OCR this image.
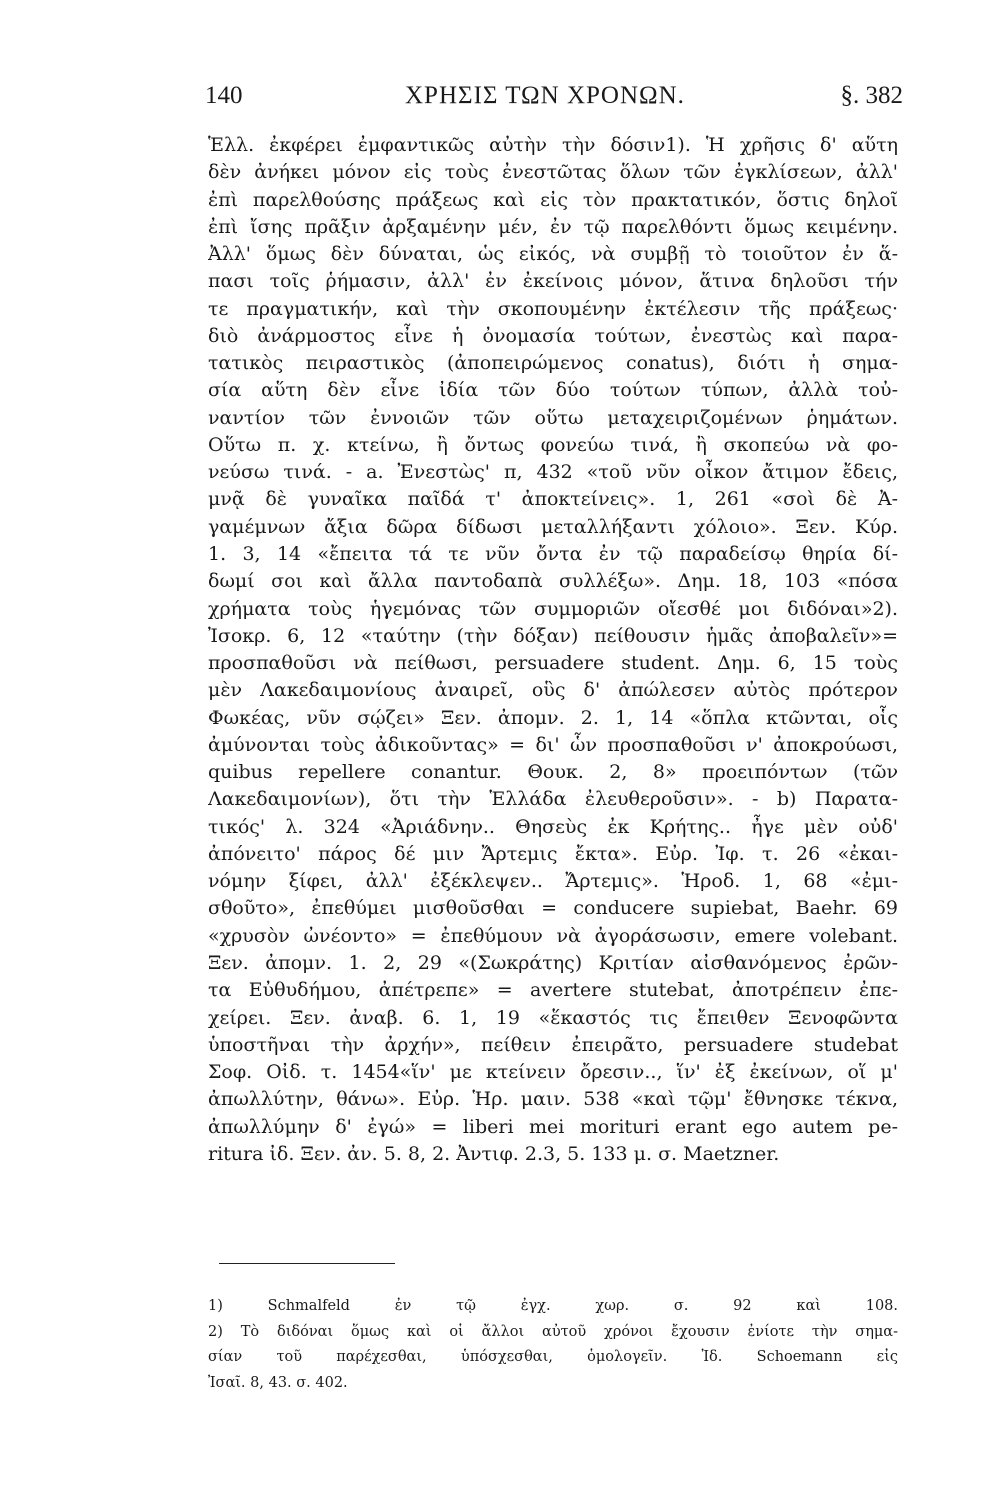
140	ΧΡΗΣΙΣ ΤΩΝ ΧΡΟΝΩΝ.	§. 382
Ἑλλ. ἐκφέρει ἐμφαντικῶς αὐτὴν τὴν δόσιν1). Ἡ χρῆσις δ' αὕτη
δὲν ἀνήκει μόνον εἰς τοὺς ἐνεστῶτας ὅλων τῶν ἐγκλίσεων, ἀλλ'
ἐπὶ παρελθούσης πράξεως καὶ εἰς τὸν πρακτατικόν, ὅστις δηλοῖ
ἐπὶ ἴσης πρᾶξιν ἀρξαμένην μέν, ἐν τῷ παρελθόντι ὅμως κειμένην.
Ἀλλ' ὅμως δὲν δύναται, ὡς εἰκός, νὰ συμβῇ τὸ τοιοῦτον ἐν ἅ-
πασι τοῖς ῥήμασιν, ἀλλ' ἐν ἐκείνοις μόνον, ἅτινα δηλοῦσι τήν
τε πραγματικήν, καὶ τὴν σκοπουμένην ἐκτέλεσιν τῆς πράξεως·
διὸ ἀνάρμοστος εἶνε ἡ ὀνομασία τούτων, ἐνεστὼς καὶ παρα-
τατικὸς πειραστικὸς (ἀποπειρώμενος conatus), διότι ἡ σημα-
σία αὕτη δὲν εἶνε ἰδία τῶν δύο τούτων τύπων, ἀλλὰ τοὐ-
ναντίον τῶν ἐννοιῶν τῶν οὕτω μεταχειριζομένων ῥημάτων.
Οὕτω π. χ. κτείνω, ἢ ὄντως φονεύω τινά, ἢ σκοπεύω νὰ φο-
νεύσω τινά. - a. Ἐνεστὼς' π, 432 «τοῦ νῦν οἶκον ἄτιμον ἔδεις,
μνᾷ δὲ γυναῖκα παῖδά τ' ἀποκτείνεις». 1, 261 «σοὶ δὲ Ἀ-
γαμέμνων ἄξια δῶρα δίδωσι μεταλλήξαντι χόλοιο». Ξεν. Κύρ.
1. 3, 14 «ἔπειτα τά τε νῦν ὄντα ἐν τῷ παραδείσῳ θηρία δί-
δωμί σοι καὶ ἄλλα παντοδαπὰ συλλέξω». Δημ. 18, 103 «πόσα
χρήματα τοὺς ἡγεμόνας τῶν συμμοριῶν οἴεσθέ μοι διδόναι»2).
Ἰσοκρ. 6, 12 «ταύτην (τὴν δόξαν) πείθουσιν ἡμᾶς ἀποβαλεῖν»=
προσπαθοῦσι νὰ πείθωσι, persuadere student. Δημ. 6, 15 τοὺς
μὲν Λακεδαιμονίους ἀναιρεῖ, οὓς δ' ἀπώλεσεν αὐτὸς πρότερον
Φωκέας, νῦν σῴζει» Ξεν. ἀπομν. 2. 1, 14 «ὅπλα κτῶνται, οἷς
ἀμύνονται τοὺς ἀδικοῦντας» = δι' ὧν προσπαθοῦσι ν' ἀποκρούωσι,
quibus repellere conantur. Θουκ. 2, 8» προειπόντων (τῶν
Λακεδαιμονίων), ὅτι τὴν Ἑλλάδα ἐλευθεροῦσιν». - b) Παρατα-
τικός' λ. 324 «Ἀριάδνην.. Θησεὺς ἐκ Κρήτης.. ἦγε μὲν οὐδ'
ἀπόνειτο' πάρος δέ μιν Ἄρτεμις ἔκτα». Εὐρ. Ἰφ. τ. 26 «ἐκαι-
νόμην ξίφει, ἀλλ' ἐξέκλεψεν.. Ἄρτεμις». Ἡροδ. 1, 68 «ἐμι-
σθοῦτο», ἐπεθύμει μισθοῦσθαι = conducere supiebat, Baehr. 69
«χρυσὸν ὠνέοντο» = ἐπεθύμουν νὰ ἀγοράσωσιν, emere volebant.
Ξεν. ἀπομν. 1. 2, 29 «(Σωκράτης) Κριτίαν αἰσθανόμενος ἐρῶν-
τα Εὐθυδήμου, ἀπέτρεπε» = avertere stutebat, ἀποτρέπειν ἐπε-
χείρει. Ξεν. ἀναβ. 6. 1, 19 «ἕκαστός τις ἔπειθεν Ξενοφῶντα
ὑποστῆναι τὴν ἀρχήν», πείθειν ἐπειρᾶτο, persuadere studebat
Σοφ. Οἰδ. τ. 1454«ἵν' με κτείνειν ὄρεσιν.., ἵν' ἐξ ἐκείνων, οἵ μ'
ἀπωλλύτην, θάνω». Εὐρ. Ἡρ. μαιν. 538 «καὶ τῷμ' ἔθνησκε τέκνα,
ἀπωλλύμην δ' ἐγώ» = liberi mei morituri erant ego autem pe-
ritura ἰδ. Ξεν. ἀν. 5. 8, 2. Ἀντιφ. 2.3, 5. 133 μ. σ. Maetzner.
1) Schmalfeld ἐν τῷ ἐγχ. χωρ. σ. 92 καὶ 108.
2) Τὸ διδόναι ὅμως καὶ οἱ ἄλλοι αὐτοῦ χρόνοι ἔχουσιν ἐνίοτε τὴν σημα-
σίαν τοῦ παρέχεσθαι, ὑπόσχεσθαι, ὁμολογεῖν. Ἰδ. Schoemann εἰς
Ἰσαῖ. 8, 43. σ. 402.
